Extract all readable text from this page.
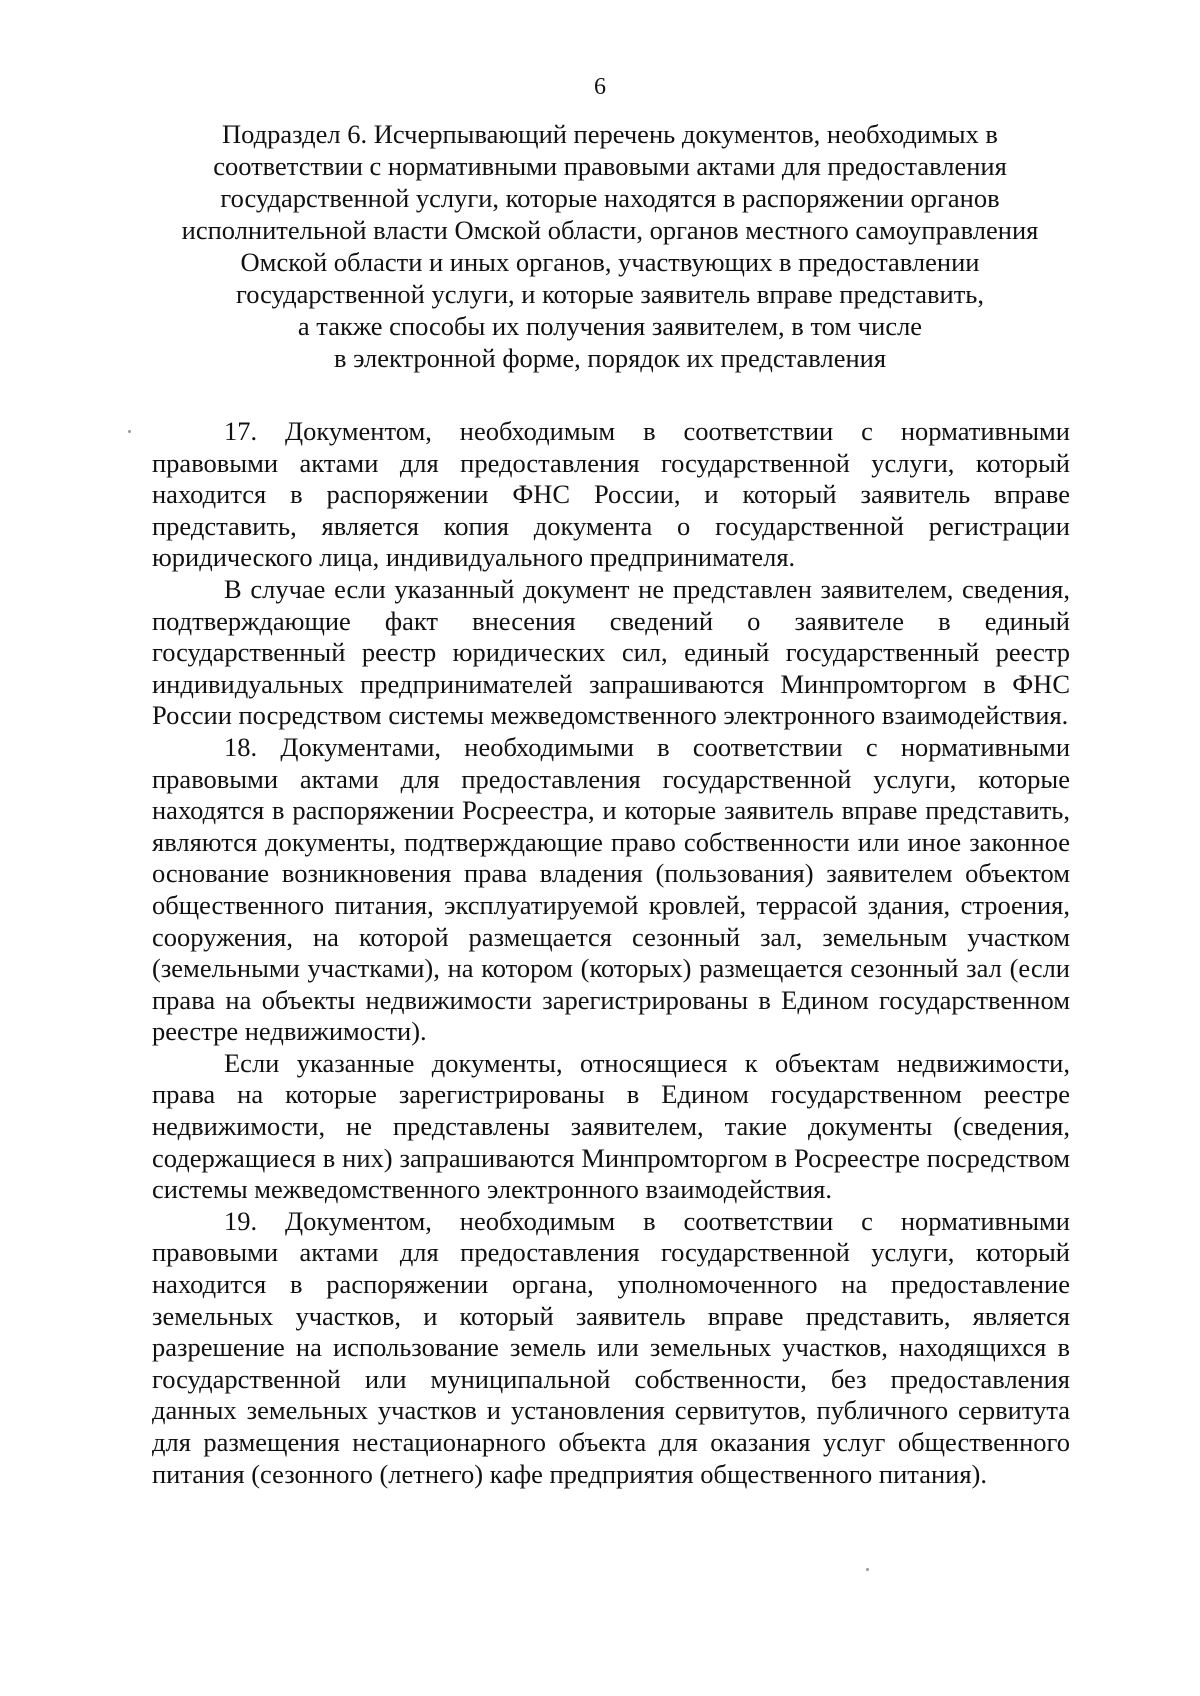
6
Подраздел 6. Исчерпывающий перечень документов, необходимых в
соответствии с нормативными правовыми актами для предоставления
государственной услуги, которые находятся в распоряжении органов
исполнительной власти Омской области, органов местного самоуправления
Омской области и иных органов, участвующих в предоставлении
государственной услуги, и которые заявитель вправе представить,
а также способы их получения заявителем, в том числе
в электронной форме, порядок их представления

17. Документом, необходимым в соответствии с нормативными правовыми актами для предоставления государственной услуги, который находится в распоряжении ФНС России, и который заявитель вправе представить, является копия документа о государственной регистрации юридического лица, индивидуального предпринимателя.

В случае если указанный документ не представлен заявителем, сведения, подтверждающие факт внесения сведений о заявителе в единый государственный реестр юридических сил, единый государственный реестр индивидуальных предпринимателей запрашиваются Минпромторгом в ФНС России посредством системы межведомственного электронного взаимодействия.

18. Документами, необходимыми в соответствии с нормативными правовыми актами для предоставления государственной услуги, которые находятся в распоряжении Росреестра, и которые заявитель вправе представить, являются документы, подтверждающие право собственности или иное законное основание возникновения права владения (пользования) заявителем объектом общественного питания, эксплуатируемой кровлей, террасой здания, строения, сооружения, на которой размещается сезонный зал, земельным участком (земельными участками), на котором (которых) размещается сезонный зал (если права на объекты недвижимости зарегистрированы в Едином государственном реестре недвижимости).

Если указанные документы, относящиеся к объектам недвижимости, права на которые зарегистрированы в Едином государственном реестре недвижимости, не представлены заявителем, такие документы (сведения, содержащиеся в них) запрашиваются Минпромторгом в Росреестре посредством системы межведомственного электронного взаимодействия.

19. Документом, необходимым в соответствии с нормативными правовыми актами для предоставления государственной услуги, который находится в распоряжении органа, уполномоченного на предоставление земельных участков, и который заявитель вправе представить, является разрешение на использование земель или земельных участков, находящихся в государственной или муниципальной собственности, без предоставления данных земельных участков и установления сервитутов, публичного сервитута для размещения нестационарного объекта для оказания услуг общественного питания (сезонного (летнего) кафе предприятия общественного питания).
